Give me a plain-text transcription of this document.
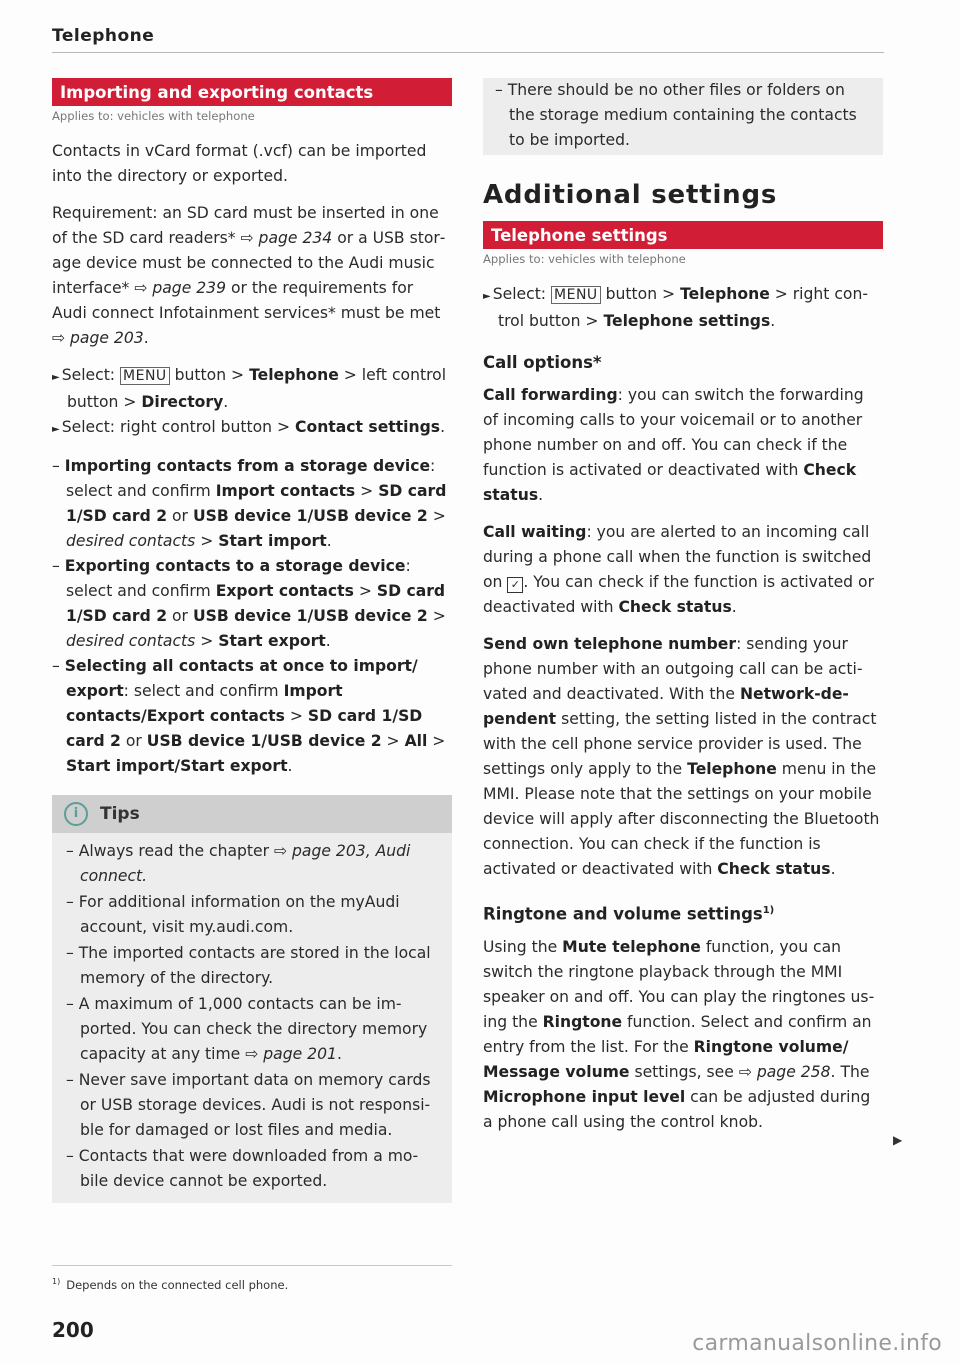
Telephone
Importing and exporting contacts
Applies to: vehicles with telephone

Contacts in vCard format (.vcf) can be imported into the directory or exported.

Requirement: an SD card must be inserted in one of the SD card readers* ⇨ page 234 or a USB storage device must be connected to the Audi music interface* ⇨ page 239 or the requirements for Audi connect Infotainment services* must be met ⇨ page 203.

► Select: MENU button > Telephone > left control button > Directory.

► Select: right control button > Contact settings.

– Importing contacts from a storage device: select and confirm Import contacts > SD card 1/SD card 2 or USB device 1/USB device 2 > desired contacts > Start import.

– Exporting contacts to a storage device: select and confirm Export contacts > SD card 1/SD card 2 or USB device 1/USB device 2 > desired contacts > Start export.

– Selecting all contacts at once to import/ export: select and confirm Import contacts/Export contacts > SD card 1/SD card 2 or USB device 1/USB device 2 > All > Start import/Start export.

i Tips

– Always read the chapter ⇨ page 203, Audi connect.

– For additional information on the myAudi account, visit my.audi.com.

– The imported contacts are stored in the local memory of the directory.

– A maximum of 1,000 contacts can be imported. You can check the directory memory capacity at any time ⇨ page 201.

– Never save important data on memory cards or USB storage devices. Audi is not responsible for damaged or lost files and media.

– Contacts that were downloaded from a mobile device cannot be exported.

$^{1)}$ Depends on the connected cell phone.
200

– There should be no other files or folders on the storage medium containing the contacts to be imported.

Additional settings
Telephone settings
Applies to: vehicles with telephone

► Select: MENU button > Telephone > right control button > Telephone settings.

Call options*

Call forwarding: you can switch the forwarding of incoming calls to your voicemail or to another phone number on and off. You can check if the function is activated or deactivated with Check status.

Call waiting: you are alerted to an incoming call during a phone call when the function is switched on ✓ . You can check if the function is activated or deactivated with Check status.

Send own telephone number: sending your phone number with an outgoing call can be activated and deactivated. With the Network-dependent setting, the setting listed in the contract with the cell phone service provider is used. The settings only apply to the Telephone menu in the MMI. Please note that the settings on your mobile device will apply after disconnecting the Bluetooth connection. You can check if the function is activated or deactivated with Check status.

Ringtone and volume settings$^{1)}$

Using the Mute telephone function, you can switch the ringtone playback through the MMI speaker on and off. You can play the ringtones using the Ringtone function. Select and confirm an entry from the list. For the Ringtone volume/ Message volume settings, see ⇨ page 258. The Microphone input level can be adjusted during a phone call using the control knob.

▶
carmanualsonline.info
